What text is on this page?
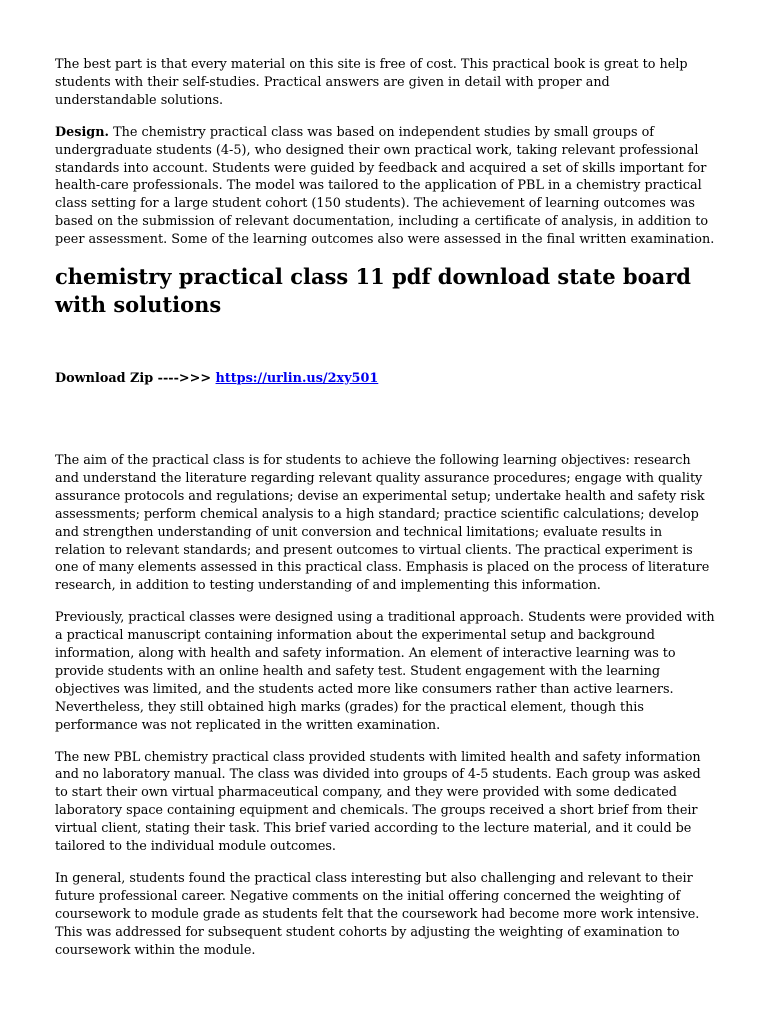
The best part is that every material on this site is free of cost. This practical book is great to help students with their self-studies. Practical answers are given in detail with proper and understandable solutions.

Design. The chemistry practical class was based on independent studies by small groups of undergraduate students (4-5), who designed their own practical work, taking relevant professional standards into account. Students were guided by feedback and acquired a set of skills important for health-care professionals. The model was tailored to the application of PBL in a chemistry practical class setting for a large student cohort (150 students). The achievement of learning outcomes was based on the submission of relevant documentation, including a certificate of analysis, in addition to peer assessment. Some of the learning outcomes also were assessed in the final written examination.

chemistry practical class 11 pdf download state board with solutions

Download Zip ---->>> https://urlin.us/2xy501

The aim of the practical class is for students to achieve the following learning objectives: research and understand the literature regarding relevant quality assurance procedures; engage with quality assurance protocols and regulations; devise an experimental setup; undertake health and safety risk assessments; perform chemical analysis to a high standard; practice scientific calculations; develop and strengthen understanding of unit conversion and technical limitations; evaluate results in relation to relevant standards; and present outcomes to virtual clients. The practical experiment is one of many elements assessed in this practical class. Emphasis is placed on the process of literature research, in addition to testing understanding of and implementing this information.

Previously, practical classes were designed using a traditional approach. Students were provided with a practical manuscript containing information about the experimental setup and background information, along with health and safety information. An element of interactive learning was to provide students with an online health and safety test. Student engagement with the learning objectives was limited, and the students acted more like consumers rather than active learners. Nevertheless, they still obtained high marks (grades) for the practical element, though this performance was not replicated in the written examination.

The new PBL chemistry practical class provided students with limited health and safety information and no laboratory manual. The class was divided into groups of 4-5 students. Each group was asked to start their own virtual pharmaceutical company, and they were provided with some dedicated laboratory space containing equipment and chemicals. The groups received a short brief from their virtual client, stating their task. This brief varied according to the lecture material, and it could be tailored to the individual module outcomes.

In general, students found the practical class interesting but also challenging and relevant to their future professional career. Negative comments on the initial offering concerned the weighting of coursework to module grade as students felt that the coursework had become more work intensive. This was addressed for subsequent student cohorts by adjusting the weighting of examination to coursework within the module.
